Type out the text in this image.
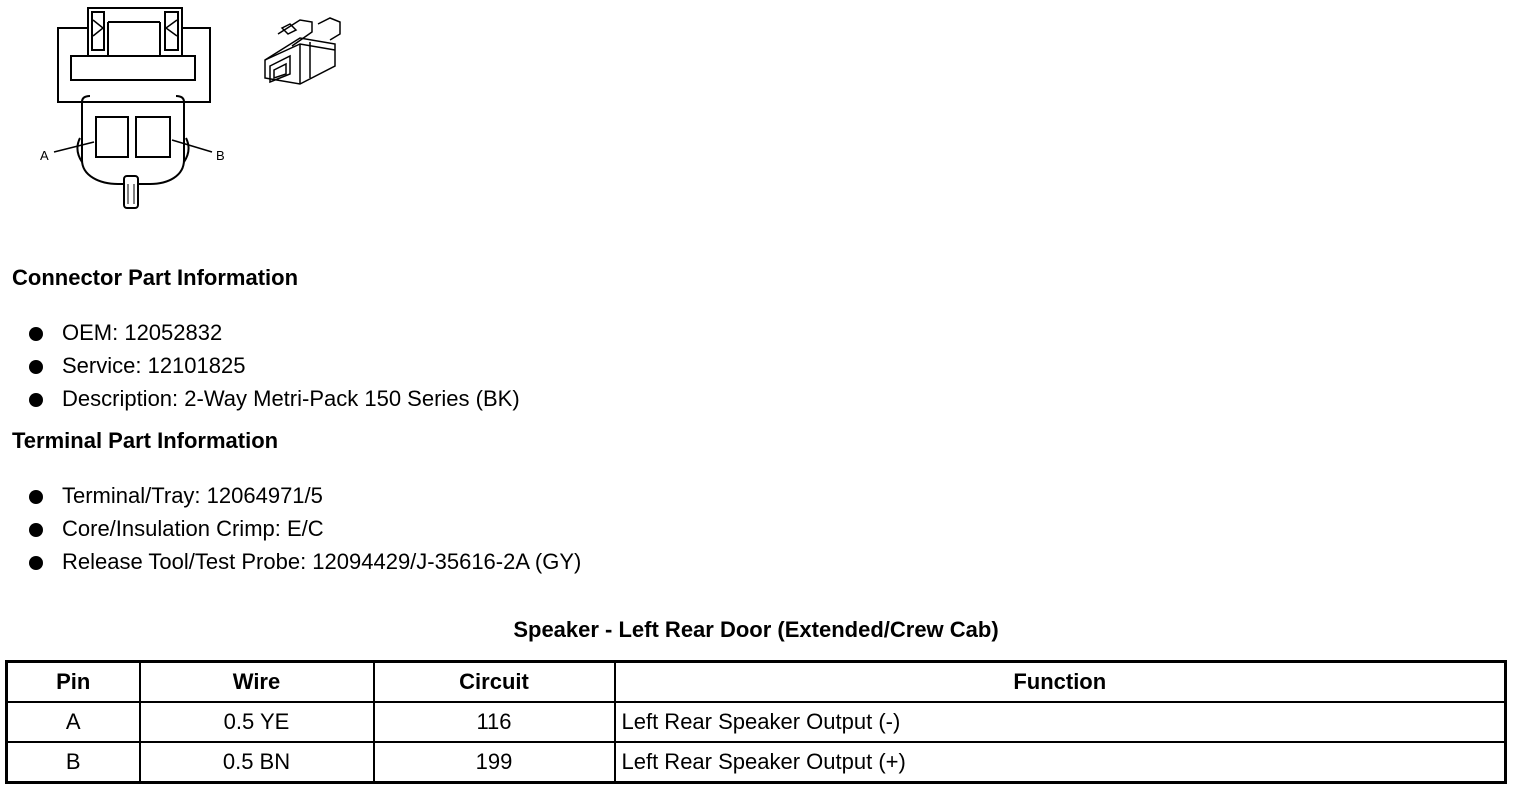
A	B
Connector Part Information
OEM: 12052832
Service: 12101825
Description: 2-Way Metri-Pack 150 Series (BK)
Terminal Part Information
Terminal/Tray: 12064971/5
Core/Insulation Crimp: E/C
Release Tool/Test Probe: 12094429/J-35616-2A (GY)
Speaker - Left Rear Door (Extended/Crew Cab)
Pin	Wire	Circuit	Function
A	0.5 YE	116	Left Rear Speaker Output (-)
B	0.5 BN	199	Left Rear Speaker Output (+)
